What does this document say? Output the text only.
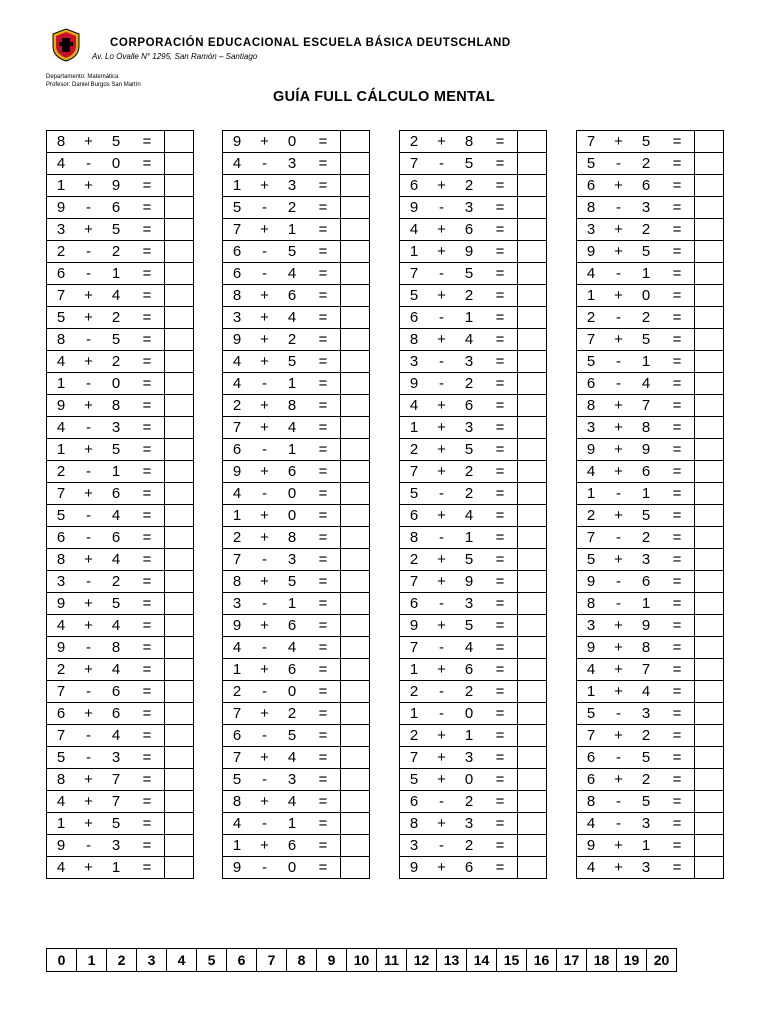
CORPORACIÓN EDUCACIONAL ESCUELA BÁSICA DEUTSCHLAND
Av. Lo Ovalle N° 1295, San Ramón – Santiago
Departamento: Matemática
Profesor: Daniel Burgos San Martín
GUÍA FULL CÁLCULO MENTAL
8	+	5	=	
4	-	0	=	
1	+	9	=	
9	-	6	=	
3	+	5	=	
2	-	2	=	
6	-	1	=	
7	+	4	=	
5	+	2	=	
8	-	5	=	
4	+	2	=	
1	-	0	=	
9	+	8	=	
4	-	3	=	
1	+	5	=	
2	-	1	=	
7	+	6	=	
5	-	4	=	
6	-	6	=	
8	+	4	=	
3	-	2	=	
9	+	5	=	
4	+	4	=	
9	-	8	=	
2	+	4	=	
7	-	6	=	
6	+	6	=	
7	-	4	=	
5	-	3	=	
8	+	7	=	
4	+	7	=	
1	+	5	=	
9	-	3	=	
4	+	1	=	
9	+	0	=	
4	-	3	=	
1	+	3	=	
5	-	2	=	
7	+	1	=	
6	-	5	=	
6	-	4	=	
8	+	6	=	
3	+	4	=	
9	+	2	=	
4	+	5	=	
4	-	1	=	
2	+	8	=	
7	+	4	=	
6	-	1	=	
9	+	6	=	
4	-	0	=	
1	+	0	=	
2	+	8	=	
7	-	3	=	
8	+	5	=	
3	-	1	=	
9	+	6	=	
4	-	4	=	
1	+	6	=	
2	-	0	=	
7	+	2	=	
6	-	5	=	
7	+	4	=	
5	-	3	=	
8	+	4	=	
4	-	1	=	
1	+	6	=	
9	-	0	=	
2	+	8	=	
7	-	5	=	
6	+	2	=	
9	-	3	=	
4	+	6	=	
1	+	9	=	
7	-	5	=	
5	+	2	=	
6	-	1	=	
8	+	4	=	
3	-	3	=	
9	-	2	=	
4	+	6	=	
1	+	3	=	
2	+	5	=	
7	+	2	=	
5	-	2	=	
6	+	4	=	
8	-	1	=	
2	+	5	=	
7	+	9	=	
6	-	3	=	
9	+	5	=	
7	-	4	=	
1	+	6	=	
2	-	2	=	
1	-	0	=	
2	+	1	=	
7	+	3	=	
5	+	0	=	
6	-	2	=	
8	+	3	=	
3	-	2	=	
9	+	6	=	
7	+	5	=	
5	-	2	=	
6	+	6	=	
8	-	3	=	
3	+	2	=	
9	+	5	=	
4	-	1	=	
1	+	0	=	
2	-	2	=	
7	+	5	=	
5	-	1	=	
6	-	4	=	
8	+	7	=	
3	+	8	=	
9	+	9	=	
4	+	6	=	
1	-	1	=	
2	+	5	=	
7	-	2	=	
5	+	3	=	
9	-	6	=	
8	-	1	=	
3	+	9	=	
9	+	8	=	
4	+	7	=	
1	+	4	=	
5	-	3	=	
7	+	2	=	
6	-	5	=	
6	+	2	=	
8	-	5	=	
4	-	3	=	
9	+	1	=	
4	+	3	=	
0	1	2	3	4	5	6	7	8	9	10	11	12	13	14	15	16	17	18	19	20
